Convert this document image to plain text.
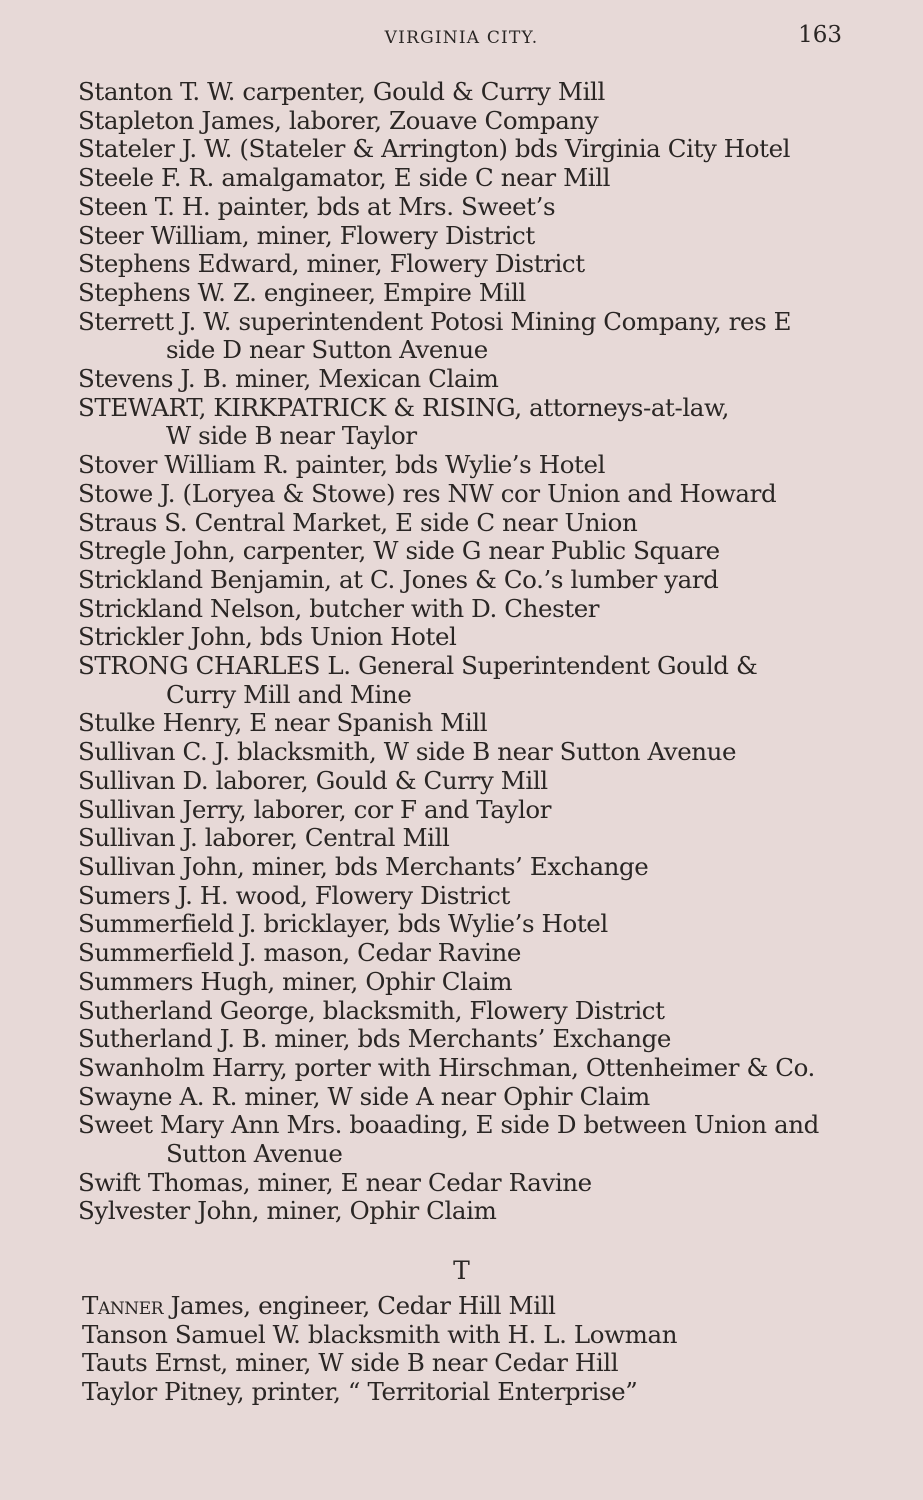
VIRGINIA CITY.	163
Stanton T. W. carpenter, Gould & Curry Mill
Stapleton James, laborer, Zouave Company
Stateler J. W. (Stateler & Arrington) bds Virginia City Hotel
Steele F. R. amalgamator, E side C near Mill
Steen T. H. painter, bds at Mrs. Sweet’s
Steer William, miner, Flowery District
Stephens Edward, miner, Flowery District
Stephens W. Z. engineer, Empire Mill
Sterrett J. W. superintendent Potosi Mining Company, res E
side D near Sutton Avenue
Stevens J. B. miner, Mexican Claim
STEWART, KIRKPATRICK & RISING, attorneys-at-law,
W side B near Taylor
Stover William R. painter, bds Wylie’s Hotel
Stowe J. (Loryea & Stowe) res NW cor Union and Howard
Straus S. Central Market, E side C near Union
Stregle John, carpenter, W side G near Public Square
Strickland Benjamin, at C. Jones & Co.’s lumber yard
Strickland Nelson, butcher with D. Chester
Strickler John, bds Union Hotel
STRONG CHARLES L. General Superintendent Gould &
Curry Mill and Mine
Stulke Henry, E near Spanish Mill
Sullivan C. J. blacksmith, W side B near Sutton Avenue
Sullivan D. laborer, Gould & Curry Mill
Sullivan Jerry, laborer, cor F and Taylor
Sullivan J. laborer, Central Mill
Sullivan John, miner, bds Merchants’ Exchange
Sumers J. H. wood, Flowery District
Summerfield J. bricklayer, bds Wylie’s Hotel
Summerfield J. mason, Cedar Ravine
Summers Hugh, miner, Ophir Claim
Sutherland George, blacksmith, Flowery District
Sutherland J. B. miner, bds Merchants’ Exchange
Swanholm Harry, porter with Hirschman, Ottenheimer & Co.
Swayne A. R. miner, W side A near Ophir Claim
Sweet Mary Ann Mrs. boaading, E side D between Union and
Sutton Avenue
Swift Thomas, miner, E near Cedar Ravine
Sylvester John, miner, Ophir Claim
T
Tanner James, engineer, Cedar Hill Mill
Tanson Samuel W. blacksmith with H. L. Lowman
Tauts Ernst, miner, W side B near Cedar Hill
Taylor Pitney, printer, “ Territorial Enterprise”
